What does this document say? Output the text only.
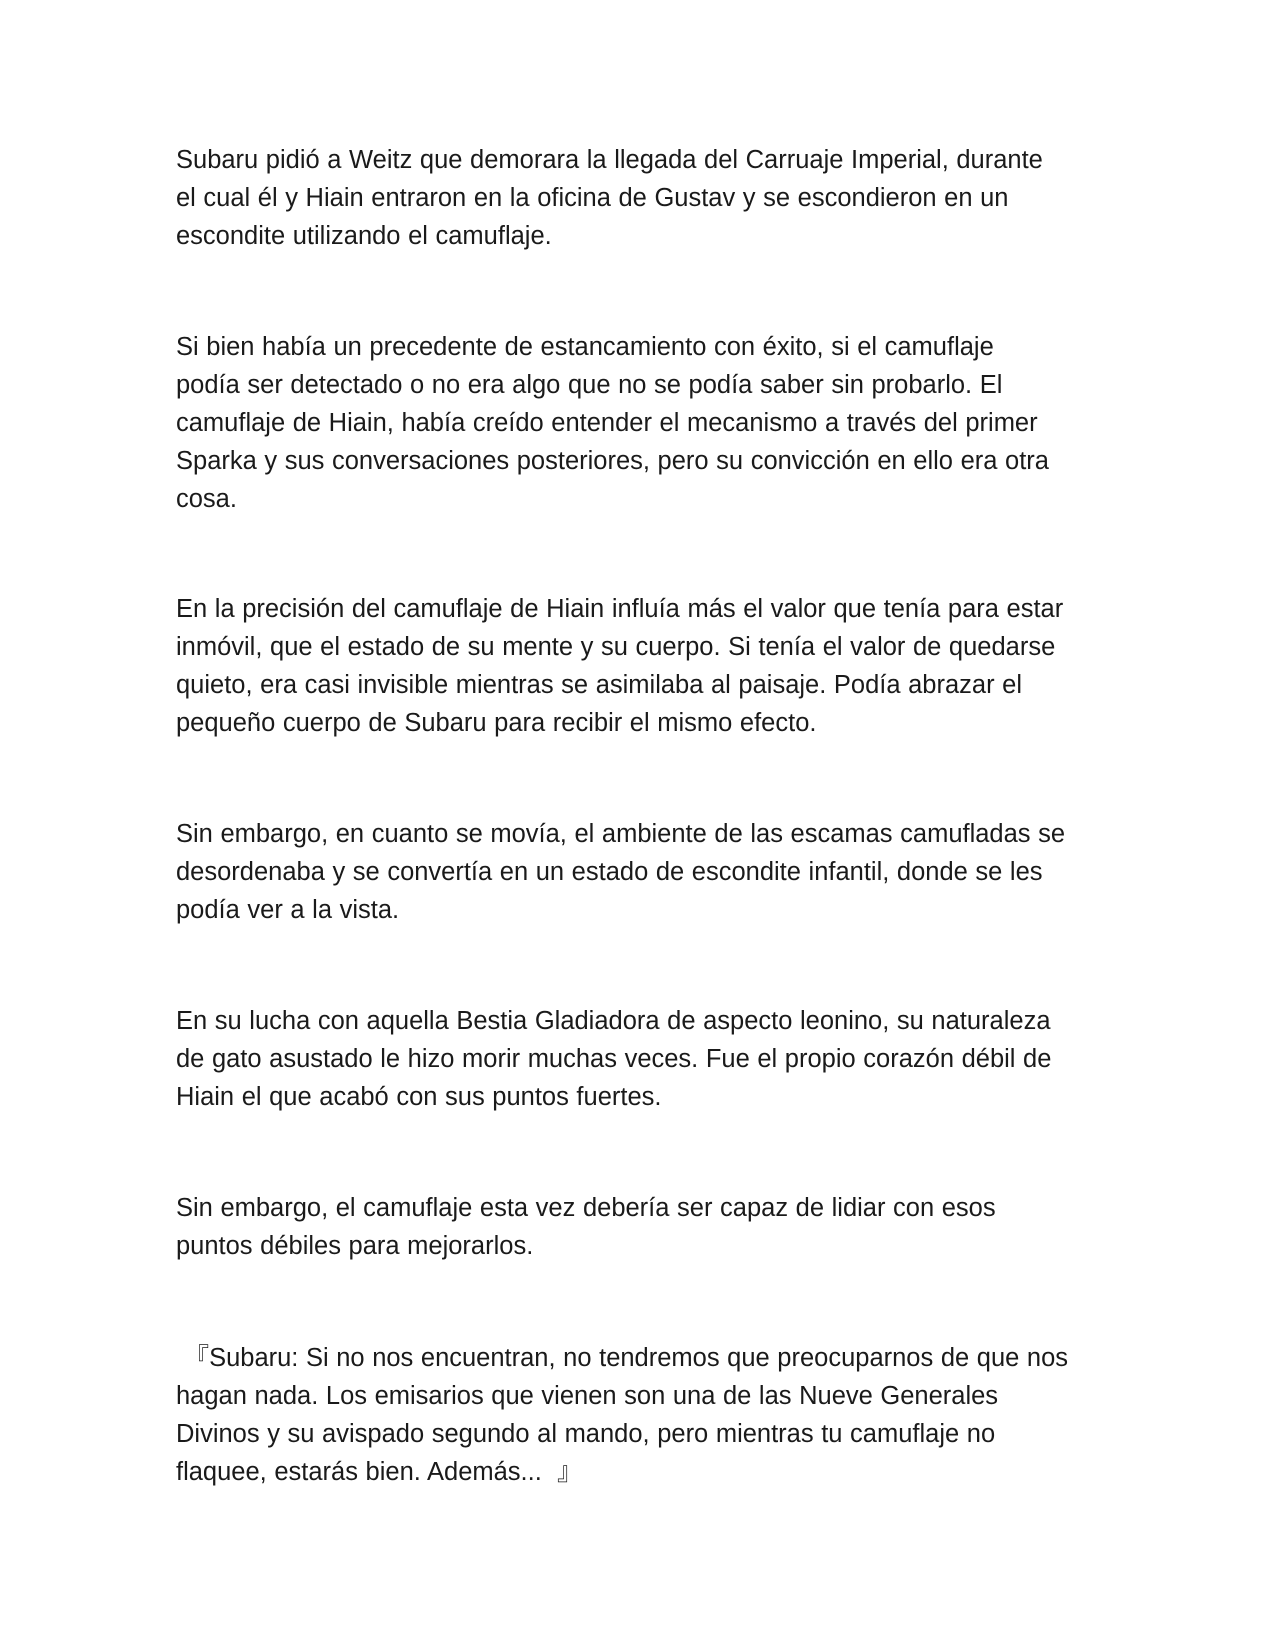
Subaru pidió a Weitz que demorara la llegada del Carruaje Imperial, durante
el cual él y Hiain entraron en la oficina de Gustav y se escondieron en un
escondite utilizando el camuflaje.
Si bien había un precedente de estancamiento con éxito, si el camuflaje
podía ser detectado o no era algo que no se podía saber sin probarlo. El
camuflaje de Hiain, había creído entender el mecanismo a través del primer
Sparka y sus conversaciones posteriores, pero su convicción en ello era otra
cosa.
En la precisión del camuflaje de Hiain influía más el valor que tenía para estar
inmóvil, que el estado de su mente y su cuerpo. Si tenía el valor de quedarse
quieto, era casi invisible mientras se asimilaba al paisaje. Podía abrazar el
pequeño cuerpo de Subaru para recibir el mismo efecto.
Sin embargo, en cuanto se movía, el ambiente de las escamas camufladas se
desordenaba y se convertía en un estado de escondite infantil, donde se les
podía ver a la vista.
En su lucha con aquella Bestia Gladiadora de aspecto leonino, su naturaleza
de gato asustado le hizo morir muchas veces. Fue el propio corazón débil de
Hiain el que acabó con sus puntos fuertes.
Sin embargo, el camuflaje esta vez debería ser capaz de lidiar con esos
puntos débiles para mejorarlos.
『Subaru: Si no nos encuentran, no tendremos que preocuparnos de que nos
hagan nada. Los emisarios que vienen son una de las Nueve Generales
Divinos y su avispado segundo al mando, pero mientras tu camuflaje no
flaquee, estarás bien. Además...  』
